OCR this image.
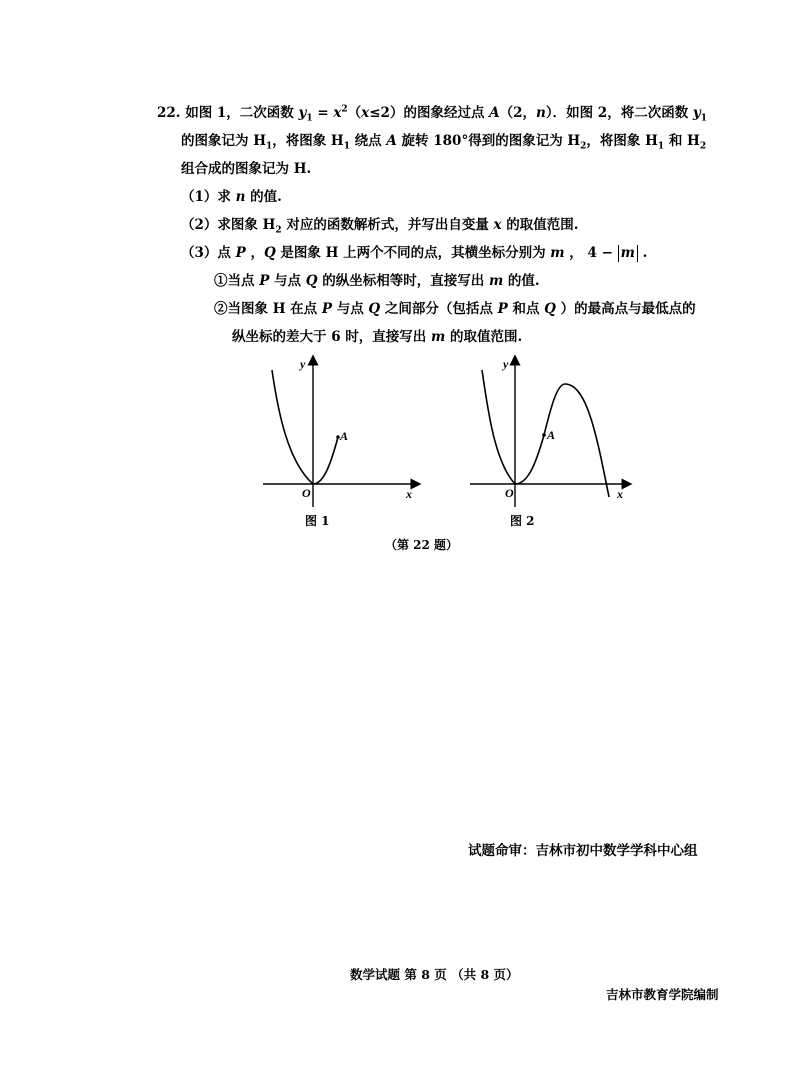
22. 如图 1，二次函数 $y_1 = x^2(x\le 2)$的图象经过点 A（2，n）．如图 2，将二次函数 $y_1$
的图象记为 $H_1$，将图象 $H_1$ 绕点 A 旋转 180°得到的图象记为 $H_2$，将图象 $H_1$ 和 $H_2$
组合成的图象记为 H.
（1）求 n 的值.
（2）求图象 $H_2$ 对应的函数解析式，并写出自变量 x 的取值范围.
（3）点 P ，Q 是图象 H 上两个不同的点，其横坐标分别为 m ， 4 − m .
①当点 P 与点 Q 的纵坐标相等时，直接写出 m 的值.
②当图象 H 在点 P 与点 Q 之间部分（包括点 P 和点 Q ）的最高点与最低点的
纵坐标的差大于 6 时，直接写出 m 的取值范围.
A
y
x
O
图 1
A
y
x
O
图 2
（第 22 题）
试题命审：吉林市初中数学学科中心组
数学试题 第 8 页 （共 8 页）
吉林市教育学院编制
